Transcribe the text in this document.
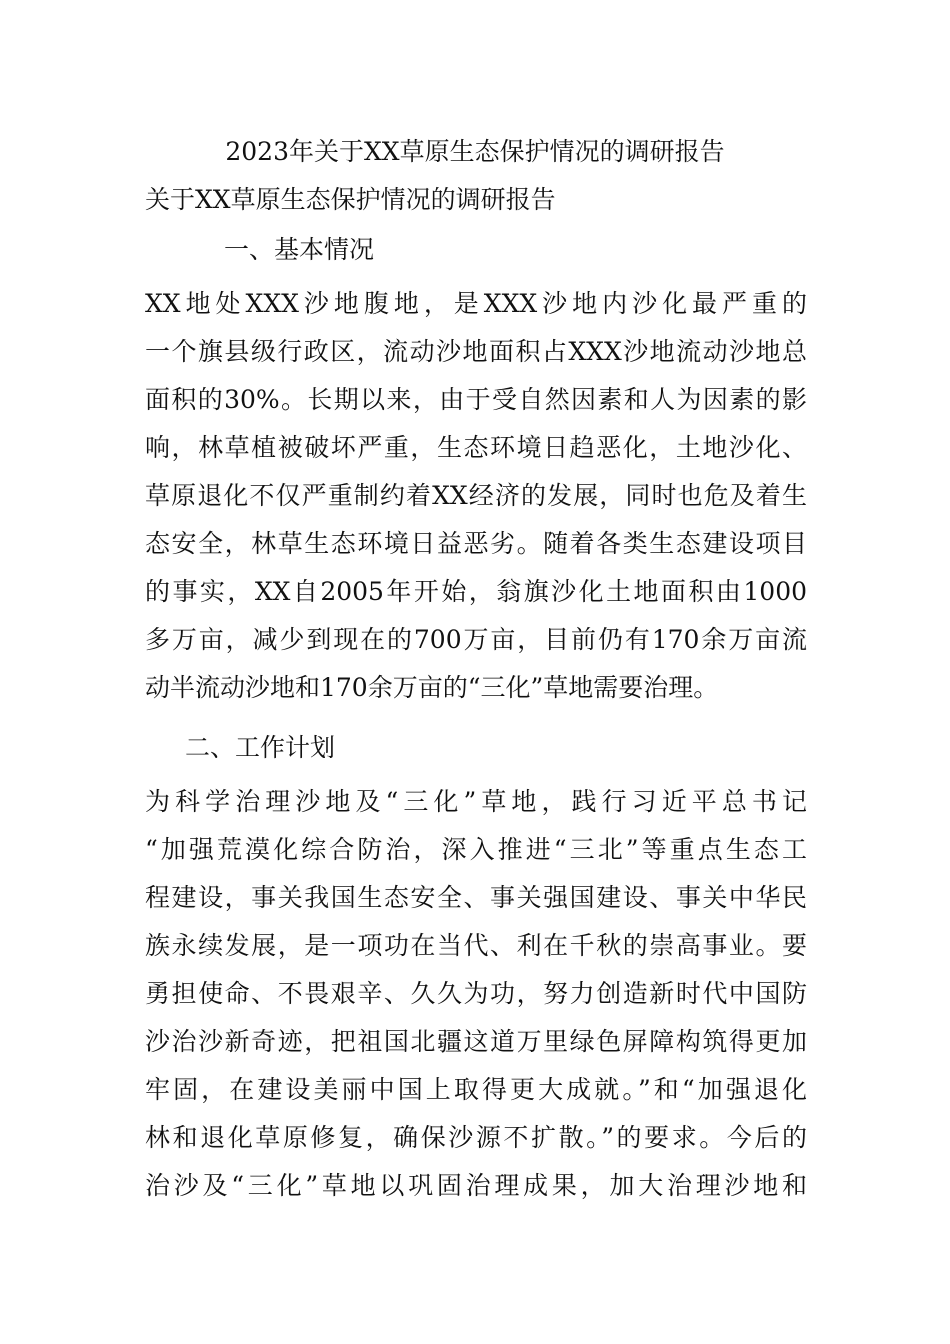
2023年关于XX草原生态保护情况的调研报告
关于XX草原生态保护情况的调研报告
一、基本情况
XX地处XXX沙地腹地，是XXX沙地内沙化最严重的
一个旗县级行政区，流动沙地面积占XXX沙地流动沙地总
面积的30%。长期以来，由于受自然因素和人为因素的影
响，林草植被破坏严重，生态环境日趋恶化，土地沙化、
草原退化不仅严重制约着XX经济的发展，同时也危及着生
态安全，林草生态环境日益恶劣。随着各类生态建设项目
的事实，XX自2005年开始，翁旗沙化土地面积由1000
多万亩，减少到现在的700万亩，目前仍有170余万亩流
动半流动沙地和170余万亩的“三化”草地需要治理。
二、工作计划
为科学治理沙地及“三化”草地，践行习近平总书记
“加强荒漠化综合防治，深入推进“三北”等重点生态工
程建设，事关我国生态安全、事关强国建设、事关中华民
族永续发展，是一项功在当代、利在千秋的崇高事业。要
勇担使命、不畏艰辛、久久为功，努力创造新时代中国防
沙治沙新奇迹，把祖国北疆这道万里绿色屏障构筑得更加
牢固，在建设美丽中国上取得更大成就。”和“加强退化
林和退化草原修复，确保沙源不扩散。”的要求。今后的
治沙及“三化”草地以巩固治理成果，加大治理沙地和
